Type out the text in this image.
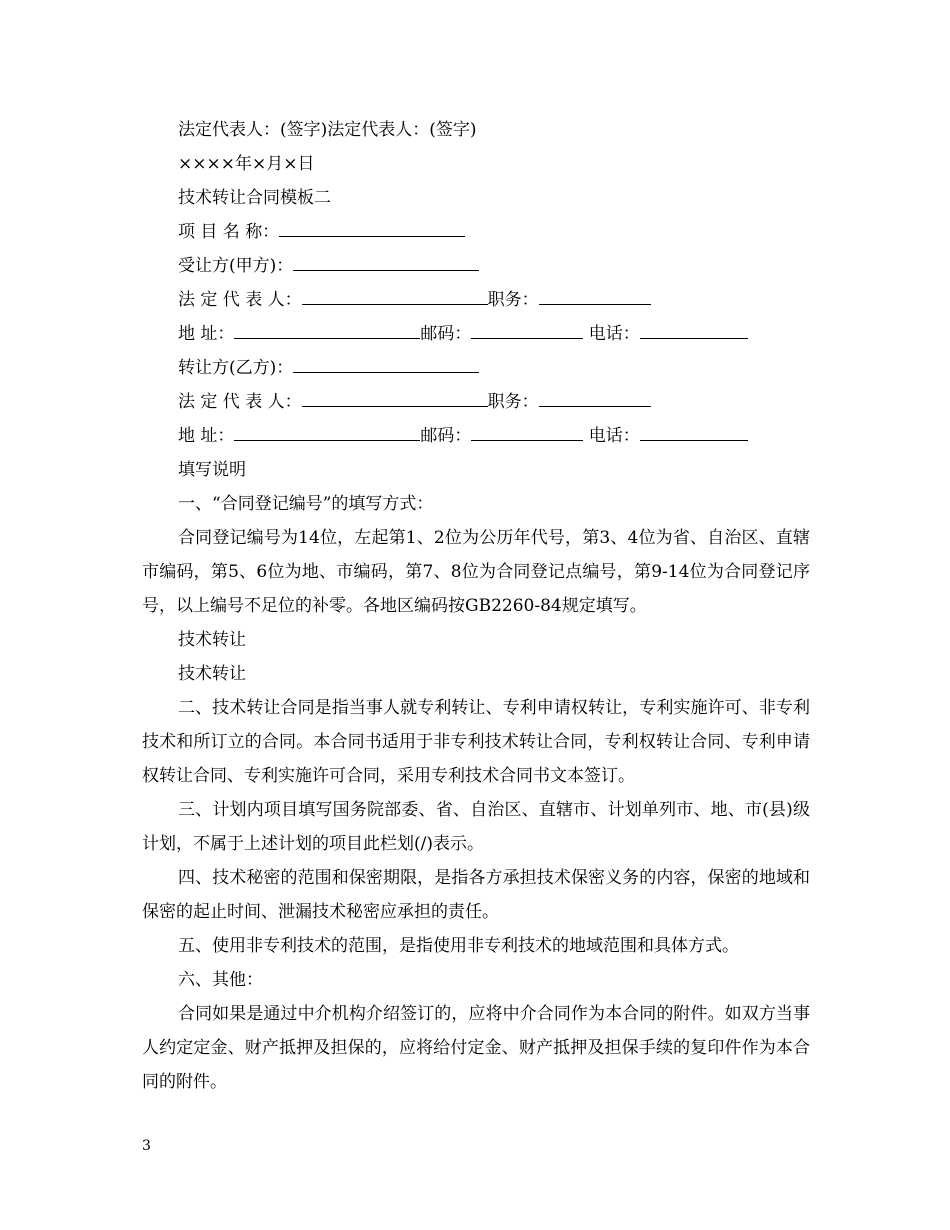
法定代表人：(签字)法定代表人：(签字)
××××年×月×日
技术转让合同模板二
项 目 名 称：
受让方(甲方)：
法 定 代 表 人：	职务：
地 址：	邮码：	电话：
转让方(乙方)：
法 定 代 表 人：	职务：
地 址：	邮码：	电话：
填写说明
一、“合同登记编号”的填写方式：
合同登记编号为14位，左起第1、2位为公历年代号，第3、4位为省、自治区、直辖市编码，第5、6位为地、市编码，第7、8位为合同登记点编号，第9-14位为合同登记序号，以上编号不足位的补零。各地区编码按GB2260-84规定填写。
技术转让
技术转让
二、技术转让合同是指当事人就专利转让、专利申请权转让，专利实施许可、非专利技术和所订立的合同。本合同书适用于非专利技术转让合同，专利权转让合同、专利申请权转让合同、专利实施许可合同，采用专利技术合同书文本签订。
三、计划内项目填写国务院部委、省、自治区、直辖市、计划单列市、地、市(县)级计划，不属于上述计划的项目此栏划(/)表示。
四、技术秘密的范围和保密期限，是指各方承担技术保密义务的内容，保密的地域和保密的起止时间、泄漏技术秘密应承担的责任。
五、使用非专利技术的范围，是指使用非专利技术的地域范围和具体方式。
六、其他：
合同如果是通过中介机构介绍签订的，应将中介合同作为本合同的附件。如双方当事人约定定金、财产抵押及担保的，应将给付定金、财产抵押及担保手续的复印件作为本合同的附件。
3
